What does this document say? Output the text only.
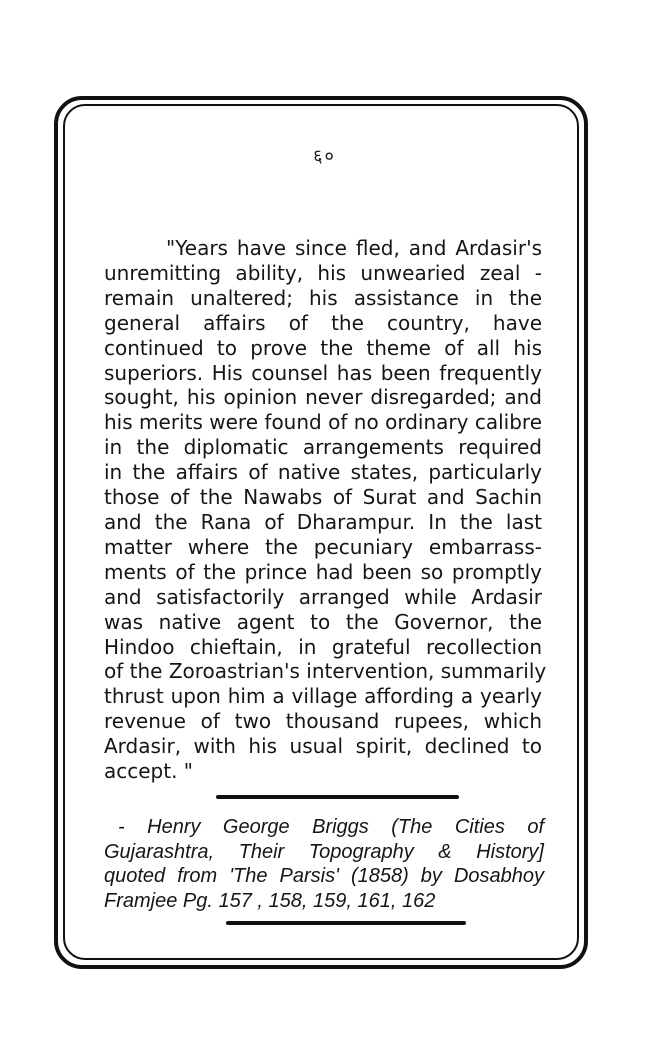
६०
"Years have since fled, and Ardasir's
unremitting ability, his unwearied zeal -
remain unaltered; his assistance in the
general affairs of the country, have
continued to prove the theme of all his
superiors. His counsel has been frequently
sought, his opinion never disregarded; and
his merits were found of no ordinary calibre
in the diplomatic arrangements required
in the affairs of native states, particularly
those of the Nawabs of Surat and Sachin
and the Rana of Dharampur. In the last
matter where the pecuniary embarrass-
ments of the prince had been so promptly
and satisfactorily arranged while Ardasir
was native agent to the Governor, the
Hindoo chieftain, in grateful recollection
of the Zoroastrian's intervention, summarily
thrust upon him a village affording a yearly
revenue of two thousand rupees, which
Ardasir, with his usual spirit, declined to
accept. "
- Henry George Briggs (The Cities of
Gujarashtra, Their Topography & History]
quoted from 'The Parsis' (1858) by Dosabhoy
Framjee Pg. 157 , 158, 159, 161, 162
